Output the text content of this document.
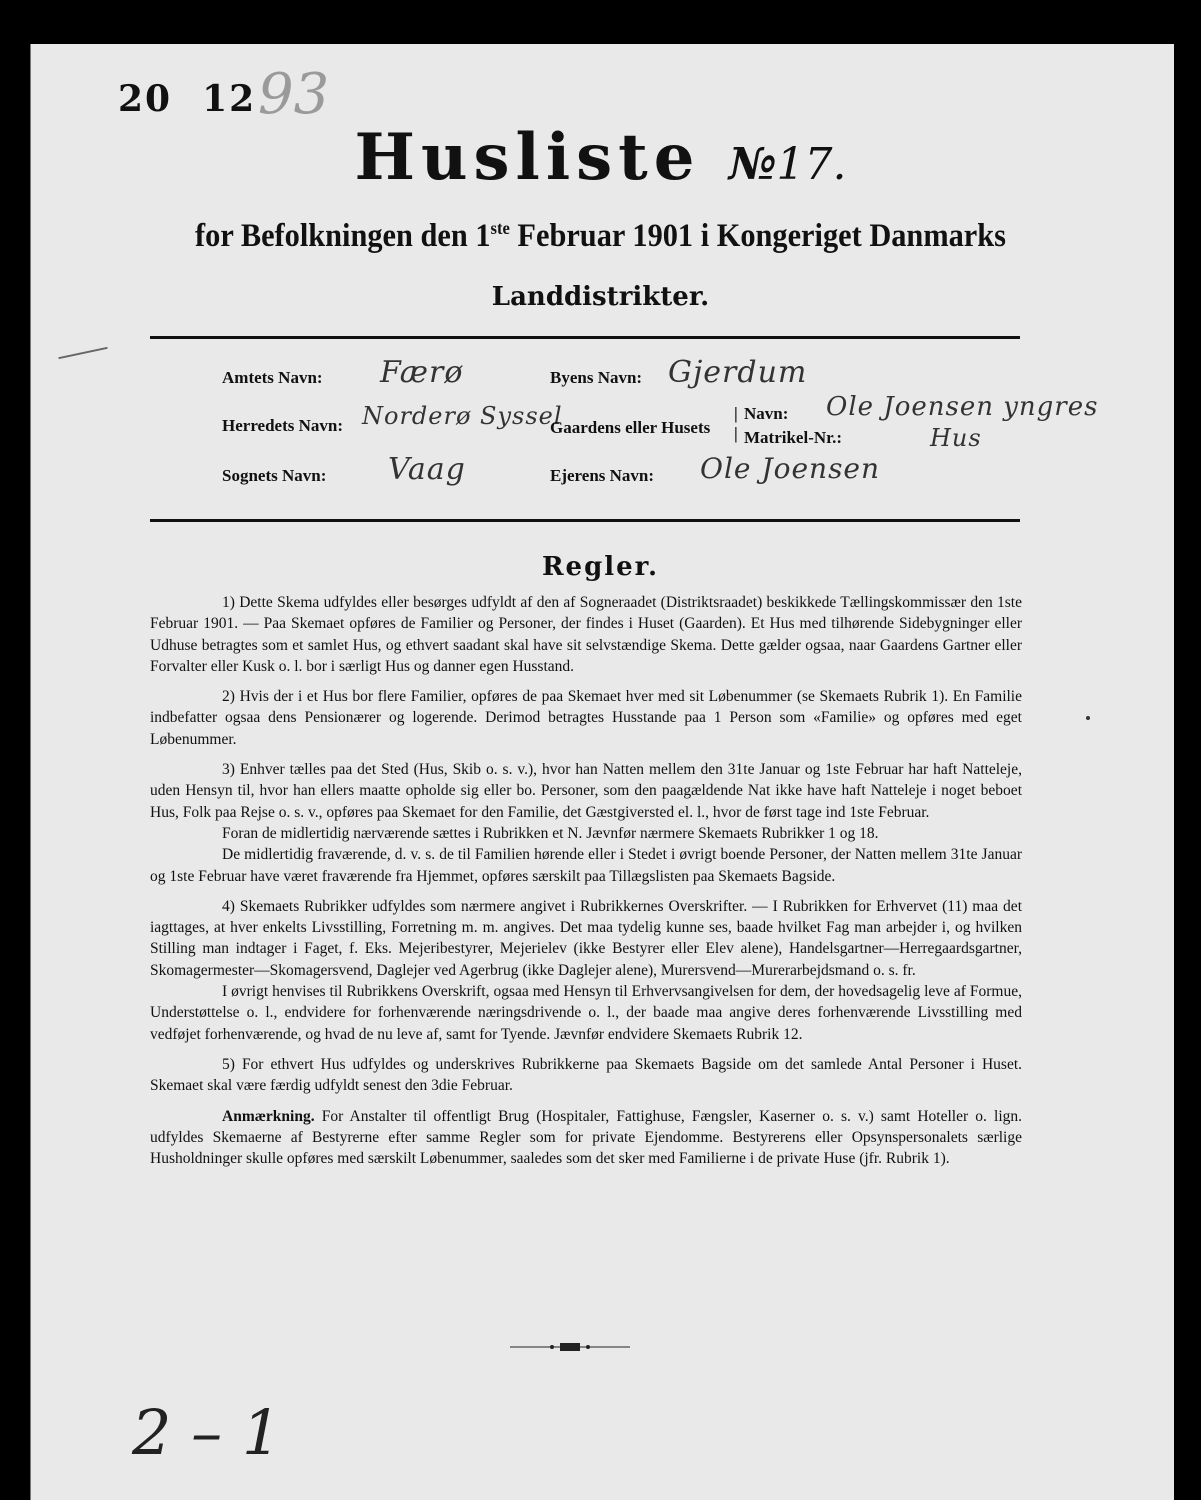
20 12 93
Husliste №17.
for Befolkningen den 1ste Februar 1901 i Kongeriget Danmarks
Landdistrikter.
Amtets Navn: Færø	Byens Navn: Gjerdum
Herredets Navn: Norderø Syssel
Gaardens eller Husets
|
|
Navn:
Matrikel-Nr.:
Ole Joensen yngres
Hus
Sognets Navn: Vaag	Ejerens Navn: Ole Joensen
Regler.

1) Dette Skema udfyldes eller besørges udfyldt af den af Sogneraadet (Distriktsraadet) beskikkede Tællingskommissær den 1ste Februar 1901. — Paa Skemaet opføres de Familier og Personer, der findes i Huset (Gaarden). Et Hus med tilhørende Sidebygninger eller Udhuse betragtes som et samlet Hus, og ethvert saadant skal have sit selvstændige Skema. Dette gælder ogsaa, naar Gaardens Gartner eller Forvalter eller Kusk o. l. bor i særligt Hus og danner egen Husstand.

2) Hvis der i et Hus bor flere Familier, opføres de paa Skemaet hver med sit Løbenummer (se Skemaets Rubrik 1). En Familie indbefatter ogsaa dens Pensionærer og logerende. Derimod betragtes Husstande paa 1 Person som «Familie» og opføres med eget Løbenummer.

3) Enhver tælles paa det Sted (Hus, Skib o. s. v.), hvor han Natten mellem den 31te Januar og 1ste Februar har haft Natteleje, uden Hensyn til, hvor han ellers maatte opholde sig eller bo. Personer, som den paagældende Nat ikke have haft Natteleje i noget beboet Hus, Folk paa Rejse o. s. v., opføres paa Skemaet for den Familie, det Gæstgiversted el. l., hvor de først tage ind 1ste Februar.

Foran de midlertidig nærværende sættes i Rubrikken et N. Jævnfør nærmere Skemaets Rubrikker 1 og 18.

De midlertidig fraværende, d. v. s. de til Familien hørende eller i Stedet i øvrigt boende Personer, der Natten mellem 31te Januar og 1ste Februar have været fraværende fra Hjemmet, opføres særskilt paa Tillægslisten paa Skemaets Bagside.

4) Skemaets Rubrikker udfyldes som nærmere angivet i Rubrikkernes Overskrifter. — I Rubrikken for Erhvervet (11) maa det iagttages, at hver enkelts Livsstilling, Forretning m. m. angives. Det maa tydelig kunne ses, baade hvilket Fag man arbejder i, og hvilken Stilling man indtager i Faget, f. Eks. Mejeribestyrer, Mejerielev (ikke Bestyrer eller Elev alene), Handelsgartner—Herregaardsgartner, Skomagermester—Skomagersvend, Daglejer ved Agerbrug (ikke Daglejer alene), Murersvend—Murerarbejdsmand o. s. fr.

I øvrigt henvises til Rubrikkens Overskrift, ogsaa med Hensyn til Erhvervsangivelsen for dem, der hovedsagelig leve af Formue, Understøttelse o. l., endvidere for forhenværende næringsdrivende o. l., der baade maa angive deres forhenværende Livsstilling med vedføjet forhenværende, og hvad de nu leve af, samt for Tyende. Jævnfør endvidere Skemaets Rubrik 12.

5) For ethvert Hus udfyldes og underskrives Rubrikkerne paa Skemaets Bagside om det samlede Antal Personer i Huset. Skemaet skal være færdig udfyldt senest den 3die Februar.

Anmærkning. For Anstalter til offentligt Brug (Hospitaler, Fattighuse, Fængsler, Kaserner o. s. v.) samt Hoteller o. lign. udfyldes Skemaerne af Bestyrerne efter samme Regler som for private Ejendomme. Bestyrerens eller Opsynspersonalets særlige Husholdninger skulle opføres med særskilt Løbenummer, saaledes som det sker med Familierne i de private Huse (jfr. Rubrik 1).

2 – 1
